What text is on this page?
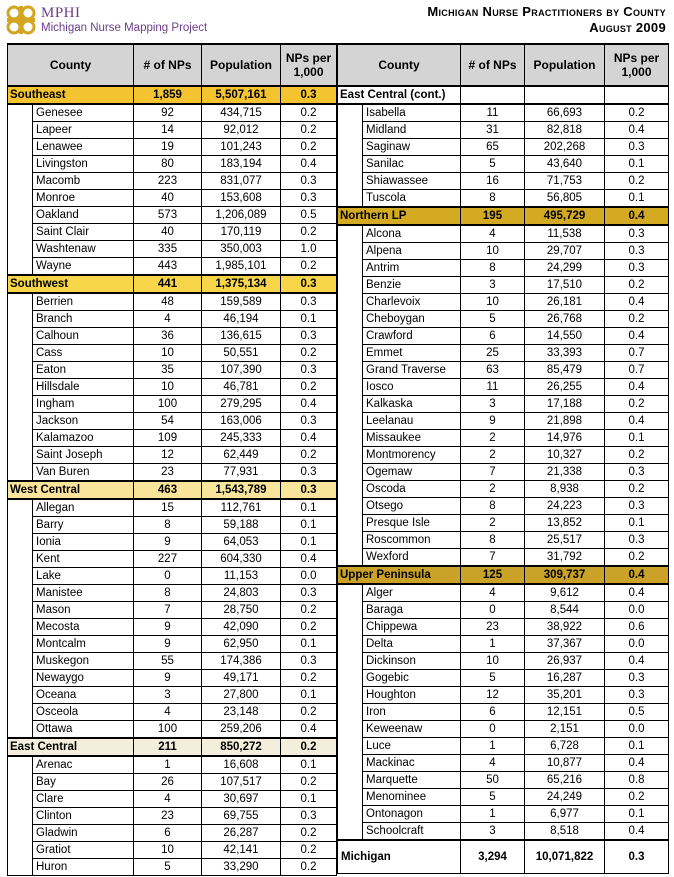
MPHI
Michigan Nurse Mapping Project
Michigan Nurse Practitioners by County
August 2009
County		# of NPs	Population	NPs per 1,000
Southeast		1,859	5,507,161	0.3
	Genesee	92	434,715	0.2
	Lapeer	14	92,012	0.2
	Lenawee	19	101,243	0.2
	Livingston	80	183,194	0.4
	Macomb	223	831,077	0.3
	Monroe	40	153,608	0.3
	Oakland	573	1,206,089	0.5
	Saint Clair	40	170,119	0.2
	Washtenaw	335	350,003	1.0
	Wayne	443	1,985,101	0.2
Southwest		441	1,375,134	0.3
	Berrien	48	159,589	0.3
	Branch	4	46,194	0.1
	Calhoun	36	136,615	0.3
	Cass	10	50,551	0.2
	Eaton	35	107,390	0.3
	Hillsdale	10	46,781	0.2
	Ingham	100	279,295	0.4
	Jackson	54	163,006	0.3
	Kalamazoo	109	245,333	0.4
	Saint Joseph	12	62,449	0.2
	Van Buren	23	77,931	0.3
West Central		463	1,543,789	0.3
	Allegan	15	112,761	0.1
	Barry	8	59,188	0.1
	Ionia	9	64,053	0.1
	Kent	227	604,330	0.4
	Lake	0	11,153	0.0
	Manistee	8	24,803	0.3
	Mason	7	28,750	0.2
	Mecosta	9	42,090	0.2
	Montcalm	9	62,950	0.1
	Muskegon	55	174,386	0.3
	Newaygo	9	49,171	0.2
	Oceana	3	27,800	0.1
	Osceola	4	23,148	0.2
	Ottawa	100	259,206	0.4
East Central		211	850,272	0.2
	Arenac	1	16,608	0.1
	Bay	26	107,517	0.2
	Clare	4	30,697	0.1
	Clinton	23	69,755	0.3
	Gladwin	6	26,287	0.2
	Gratiot	10	42,141	0.2
	Huron	5	33,290	0.2
County		# of NPs	Population	NPs per 1,000
East Central (cont.)				
	Isabella	11	66,693	0.2
	Midland	31	82,818	0.4
	Saginaw	65	202,268	0.3
	Sanilac	5	43,640	0.1
	Shiawassee	16	71,753	0.2
	Tuscola	8	56,805	0.1
Northern LP		195	495,729	0.4
	Alcona	4	11,538	0.3
	Alpena	10	29,707	0.3
	Antrim	8	24,299	0.3
	Benzie	3	17,510	0.2
	Charlevoix	10	26,181	0.4
	Cheboygan	5	26,768	0.2
	Crawford	6	14,550	0.4
	Emmet	25	33,393	0.7
	Grand Traverse	63	85,479	0.7
	Iosco	11	26,255	0.4
	Kalkaska	3	17,188	0.2
	Leelanau	9	21,898	0.4
	Missaukee	2	14,976	0.1
	Montmorency	2	10,327	0.2
	Ogemaw	7	21,338	0.3
	Oscoda	2	8,938	0.2
	Otsego	8	24,223	0.3
	Presque Isle	2	13,852	0.1
	Roscommon	8	25,517	0.3
	Wexford	7	31,792	0.2
Upper Peninsula		125	309,737	0.4
	Alger	4	9,612	0.4
	Baraga	0	8,544	0.0
	Chippewa	23	38,922	0.6
	Delta	1	37,367	0.0
	Dickinson	10	26,937	0.4
	Gogebic	5	16,287	0.3
	Houghton	12	35,201	0.3
	Iron	6	12,151	0.5
	Keweenaw	0	2,151	0.0
	Luce	1	6,728	0.1
	Mackinac	4	10,877	0.4
	Marquette	50	65,216	0.8
	Menominee	5	24,249	0.2
	Ontonagon	1	6,977	0.1
	Schoolcraft	3	8,518	0.4
Michigan		3,294	10,071,822	0.3
